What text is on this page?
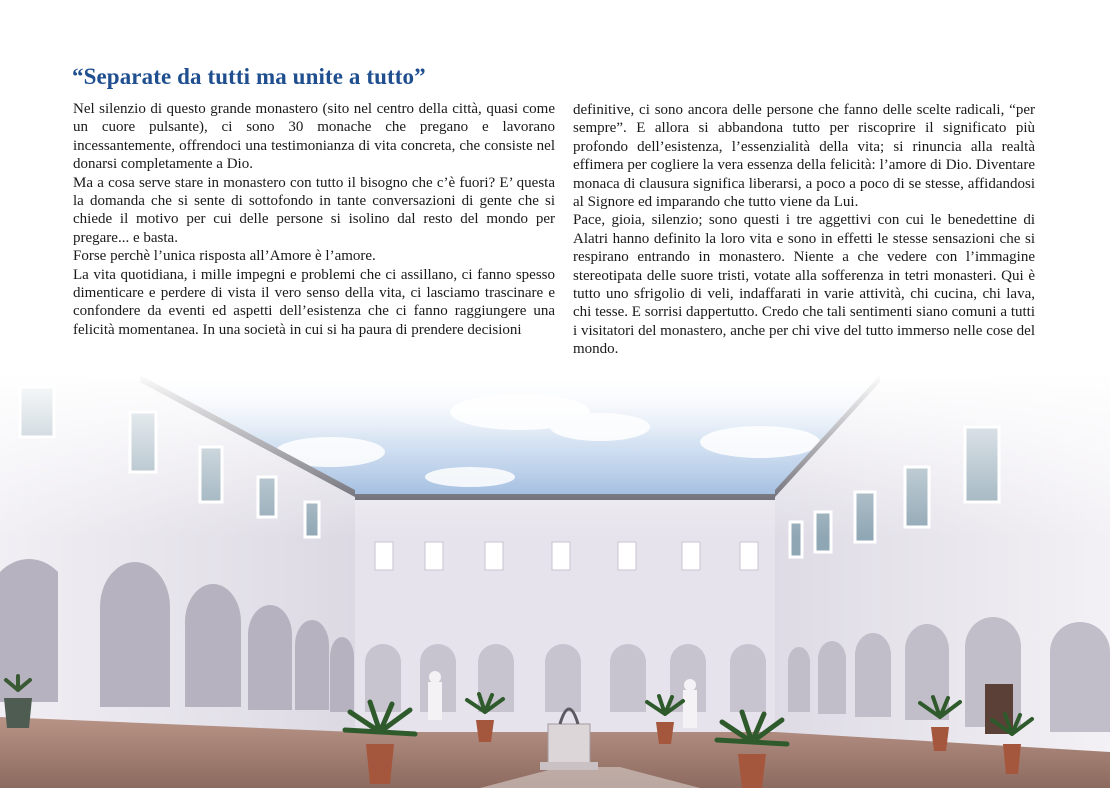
“Separate da tutti ma unite a tutto”

Nel silenzio di questo grande monastero (sito nel centro della città, quasi come un cuore pulsante), ci sono 30 monache che pregano e lavorano incessantemente, offrendoci una testimonianza di vita concreta, che consiste nel donarsi completamente a Dio.

Ma a cosa serve stare in monastero con tutto il bisogno che c’è fuori? E’ questa la domanda che si sente di sottofondo in tante conversazioni di gente che si chiede il motivo per cui delle persone si isolino dal resto del mondo per pregare... e basta.

Forse perchè l’unica risposta all’Amore è l’amore.

La vita quotidiana, i mille impegni e problemi che ci assillano, ci fanno spesso dimenticare e perdere di vista il vero senso della vita, ci lasciamo trascinare e confondere da eventi ed aspetti dell’esistenza che ci fanno raggiungere una felicità momentanea. In una società in cui si ha paura di prendere decisioni

definitive, ci sono ancora delle persone che fanno delle scelte radicali, “per sempre”. E allora si abbandona tutto per riscoprire il significato più profondo dell’esistenza, l’essenzialità della vita; si rinuncia alla realtà effimera per cogliere la vera essenza della felicità: l’amore di Dio. Diventare monaca di clausura significa liberarsi, a poco a poco di se stesse, affidandosi al Signore ed imparando che tutto viene da Lui.

Pace, gioia, silenzio; sono questi i tre aggettivi con cui le benedettine di Alatri hanno definito la loro vita e sono in effetti le stesse sensazioni che si respirano entrando in monastero. Niente a che vedere con l’immagine stereotipata delle suore tristi, votate alla sofferenza in tetri monasteri. Qui è tutto uno sfrigolio di veli, indaffarati in varie attività, chi cucina, chi lava, chi tesse. E sorrisi dappertutto. Credo che tali sentimenti siano comuni a tutti i visitatori del monastero, anche per chi vive del tutto immerso nelle cose del mondo.
